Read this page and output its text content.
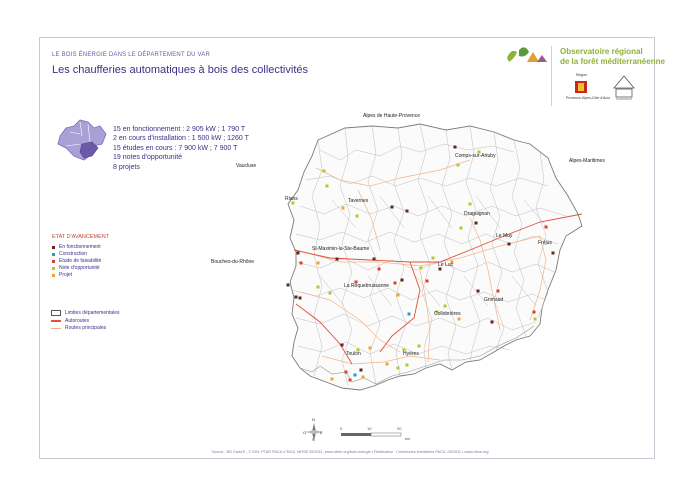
LE BOIS ÉNERGIE DANS LE DÉPARTEMENT DU VAR
Les chaufferies automatiques à bois des collectivités
Observatoire régional
de la forêt méditerranéenne
Région
Provence-Alpes-Côte d'Azur
15 en fonctionnement : 2 905 kW ; 1 790 T
2 en cours d'installation : 1 500 kW ; 1260 T
15 études en cours : 7 900 kW ; 7 900 T
19 notes d'opportunité
8 projets
ETAT D'AVANCEMENT
En fonctionnement
Construction
Etude de faisabilité
Note d'opportunité
Projet
Limites départementales
Autoroutes
Routes principales
Alpes de Haute-Provence
Alpes-Maritimes
Vaucluse
Bouches-du-Rhône
Comps-sur-Artuby
Rians	Tavernes
Draguignan
Le Muy
Fréjus
St-Maximin-la-Ste-Baume
Le Luc
La Roquebrussanne
Grimaud
Collobrières
Toulon	Hyères
N
O	E
S
0	10	20
km
Source : BD Carto® - © IGN, PTAR PACA n°8410, MRSE 09/2011, www.ofme.org/bois-energie • Réalisation : Communes forestières PACA, 09/2011 • www.ofme.org
